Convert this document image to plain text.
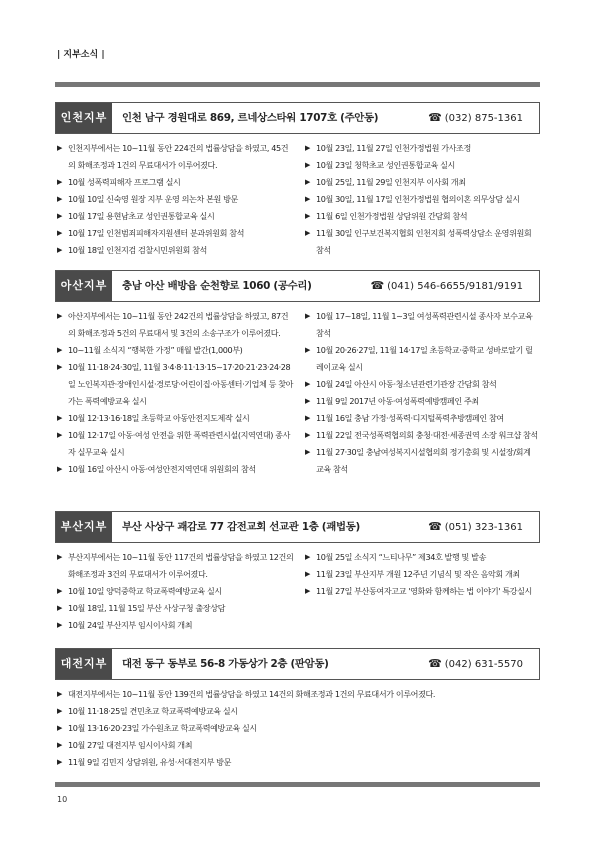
| 지부소식 |
인천지부	인천 남구 경원대로 869, 르네상스타워 1707호 (주안동)	☎ (032) 875-1361
▶ 인천지부에서는 10~11월 동안 224건의 법률상담을 하였고, 45건의 화해조정과 1건의 무료대서가 이루어졌다.
▶ 10월 성폭력피해자 프로그램 실시
▶ 10월 10일 신숙영 원장 지부 운영 의논차 본원 방문
▶ 10월 17일 용현남초교 성인권통합교육 실시
▶ 10월 17일 인천범죄피해자지원센터 분과위원회 참석
▶ 10월 18일 인천지검 검찰시민위원회 참석
▶ 10월 23일, 11월 27일 인천가정법원 가사조정
▶ 10월 23일 청학초교 성인권통합교육 실시
▶ 10월 25일, 11월 29일 인천지부 이사회 개최
▶ 10월 30일, 11월 17일 인천가정법원 협의이혼 의무상담 실시
▶ 11월 6일 인천가정법원 상담위원 간담회 참석
▶ 11월 30일 인구보건복지협회 인천지회 성폭력상담소 운영위원회 참석
아산지부	충남 아산 배방읍 순천향로 1060 (공수리)	☎ (041) 546-6655/9181/9191
▶ 아산지부에서는 10~11월 동안 242건의 법률상담을 하였고, 87건의 화해조정과 5건의 무료대서 및 3건의 소송구조가 이루어졌다.
▶ 10~11월 소식지 “행복한 가정” 매월 발간(1,000부)
▶ 10월 11·18·24·30일, 11월 3·4·8·11·13·15~17·20·21·23·24·28일 노인복지관·장애인시설·경로당·어린이집·아동센터·기업체 등 찾아가는 폭력예방교육 실시
▶ 10월 12·13·16·18일 초등학교 아동안전지도제작 실시
▶ 10월 12·17일 아동·여성 안전을 위한 폭력관련시설(지역연대) 종사자 실무교육 실시
▶ 10월 16일 아산시 아동·여성안전지역연대 위원회의 참석
▶ 10월 17~18일, 11월 1~3일 여성폭력관련시설 종사자 보수교육 참석
▶ 10월 20·26·27일, 11월 14·17일 초등학교·중학교 성바로알기 릴레이교육 실시
▶ 10월 24일 아산시 아동·청소년관련기관장 간담회 참석
▶ 11월 9일 2017년 아동·여성폭력예방캠페인 주최
▶ 11월 16일 충남 가정·성폭력·디지털폭력추방캠페인 참여
▶ 11월 22일 전국성폭력협의회 충청·대전·세종권역 소장 워크샵 참석
▶ 11월 27·30일 충남여성복지시설협의회 정기총회 및 시설장/회계 교육 참석
부산지부	부산 사상구 괘감로 77 감전교회 선교관 1층 (괘법동)	☎ (051) 323-1361
▶ 부산지부에서는 10~11월 동안 117건의 법률상담을 하였고 12건의 화해조정과 3건의 무료대서가 이루어졌다.
▶ 10월 10일 양덕중학교 학교폭력예방교육 실시
▶ 10월 18일, 11월 15일 부산 사상구청 출장상담
▶ 10월 24일 부산지부 임시이사회 개최
▶ 10월 25일 소식지 “느티나무” 제34호 발행 및 발송
▶ 11월 23일 부산지부 개원 12주년 기념식 및 작은 음악회 개최
▶ 11월 27일 부산동여자고교 '영화와 함께하는 법 이야기' 특강실시
대전지부	대전 동구 동부로 56-8 가동상가 2층 (판암동)	☎ (042) 631-5570
▶ 대전지부에서는 10~11월 동안 139건의 법률상담을 하였고 14건의 화해조정과 1건의 무료대서가 이루어졌다.
▶ 10월 11·18·25일 견민초교 학교폭력예방교육 실시
▶ 10월 13·16·20·23일 가수원초교 학교폭력예방교육 실시
▶ 10월 27일 대전지부 임시이사회 개최
▶ 11월 9일 김민지 상담위원, 유성·서대전지부 방문
10
